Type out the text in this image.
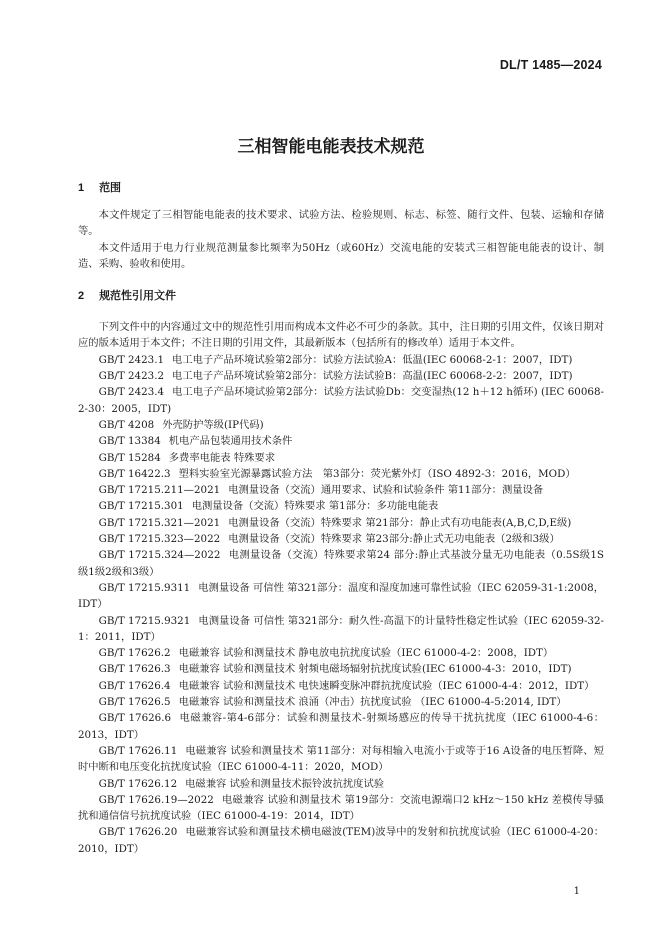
DL/T 1485—2024
三相智能电能表技术规范
1 范围

本文件规定了三相智能电能表的技术要求、试验方法、检验规则、标志、标签、随行文件、包装、运输和存储等。

本文件适用于电力行业规范测量参比频率为50Hz（或60Hz）交流电能的安装式三相智能电能表的设计、制造、采购、验收和使用。

2 规范性引用文件

下列文件中的内容通过文中的规范性引用而构成本文件必不可少的条款。其中，注日期的引用文件，仅该日期对应的版本适用于本文件；不注日期的引用文件，其最新版本（包括所有的修改单）适用于本文件。

GB/T 2423.1 电工电子产品环境试验第2部分：试验方法试验A：低温(IEC 60068-2-1：2007，IDT)

GB/T 2423.2 电工电子产品环境试验第2部分：试验方法试验B：高温(IEC 60068-2-2：2007，IDT)

GB/T 2423.4 电工电子产品环境试验第2部分：试验方法试验Db：交变湿热(12 h＋12 h循环) (IEC 60068-2-30：2005，IDT)

GB/T 4208 外壳防护等级(IP代码)

GB/T 13384 机电产品包装通用技术条件

GB/T 15284 多费率电能表 特殊要求

GB/T 16422.3 塑料实验室光源暴露试验方法　第3部分：荧光紫外灯（ISO 4892-3：2016，MOD）

GB/T 17215.211—2021 电测量设备（交流）通用要求、试验和试验条件 第11部分：测量设备

GB/T 17215.301 电测量设备（交流）特殊要求 第1部分：多功能电能表

GB/T 17215.321—2021 电测量设备（交流）特殊要求 第21部分：静止式有功电能表(A,B,C,D,E级)

GB/T 17215.323—2022 电测量设备（交流）特殊要求 第23部分:静止式无功电能表（2级和3级）

GB/T 17215.324—2022 电测量设备（交流）特殊要求第24 部分:静止式基波分量无功电能表（0.5S级1S级1级2级和3级）

GB/T 17215.9311 电测量设备 可信性 第321部分：温度和湿度加速可靠性试验（IEC 62059-31-1:2008，IDT）

GB/T 17215.9321 电测量设备 可信性 第321部分：耐久性-高温下的计量特性稳定性试验（IEC 62059-32-1：2011，IDT）

GB/T 17626.2 电磁兼容 试验和测量技术 静电放电抗扰度试验（IEC 61000-4-2：2008，IDT）

GB/T 17626.3 电磁兼容 试验和测量技术 射频电磁场辐射抗扰度试验(IEC 61000-4-3：2010，IDT)

GB/T 17626.4 电磁兼容 试验和测量技术 电快速瞬变脉冲群抗扰度试验（IEC 61000-4-4：2012，IDT）

GB/T 17626.5 电磁兼容 试验和测量技术 浪涌（冲击）抗扰度试验 （IEC 61000-4-5:2014, IDT）

GB/T 17626.6 电磁兼容-第4-6部分：试验和测量技术-射频场感应的传导干扰抗扰度（IEC 61000-4-6：2013，IDT）

GB/T 17626.11 电磁兼容 试验和测量技术 第11部分：对每相输入电流小于或等于16 A设备的电压暂降、短时中断和电压变化抗扰度试验（IEC 61000-4-11：2020，MOD）

GB/T 17626.12 电磁兼容 试验和测量技术振铃波抗扰度试验

GB/T 17626.19—2022 电磁兼容 试验和测量技术 第19部分：交流电源端口2 kHz～150 kHz 差模传导骚扰和通信信号抗扰度试验（IEC 61000-4-19：2014，IDT）

GB/T 17626.20 电磁兼容试验和测量技术横电磁波(TEM)波导中的发射和抗扰度试验（IEC 61000-4-20：2010，IDT）

1
